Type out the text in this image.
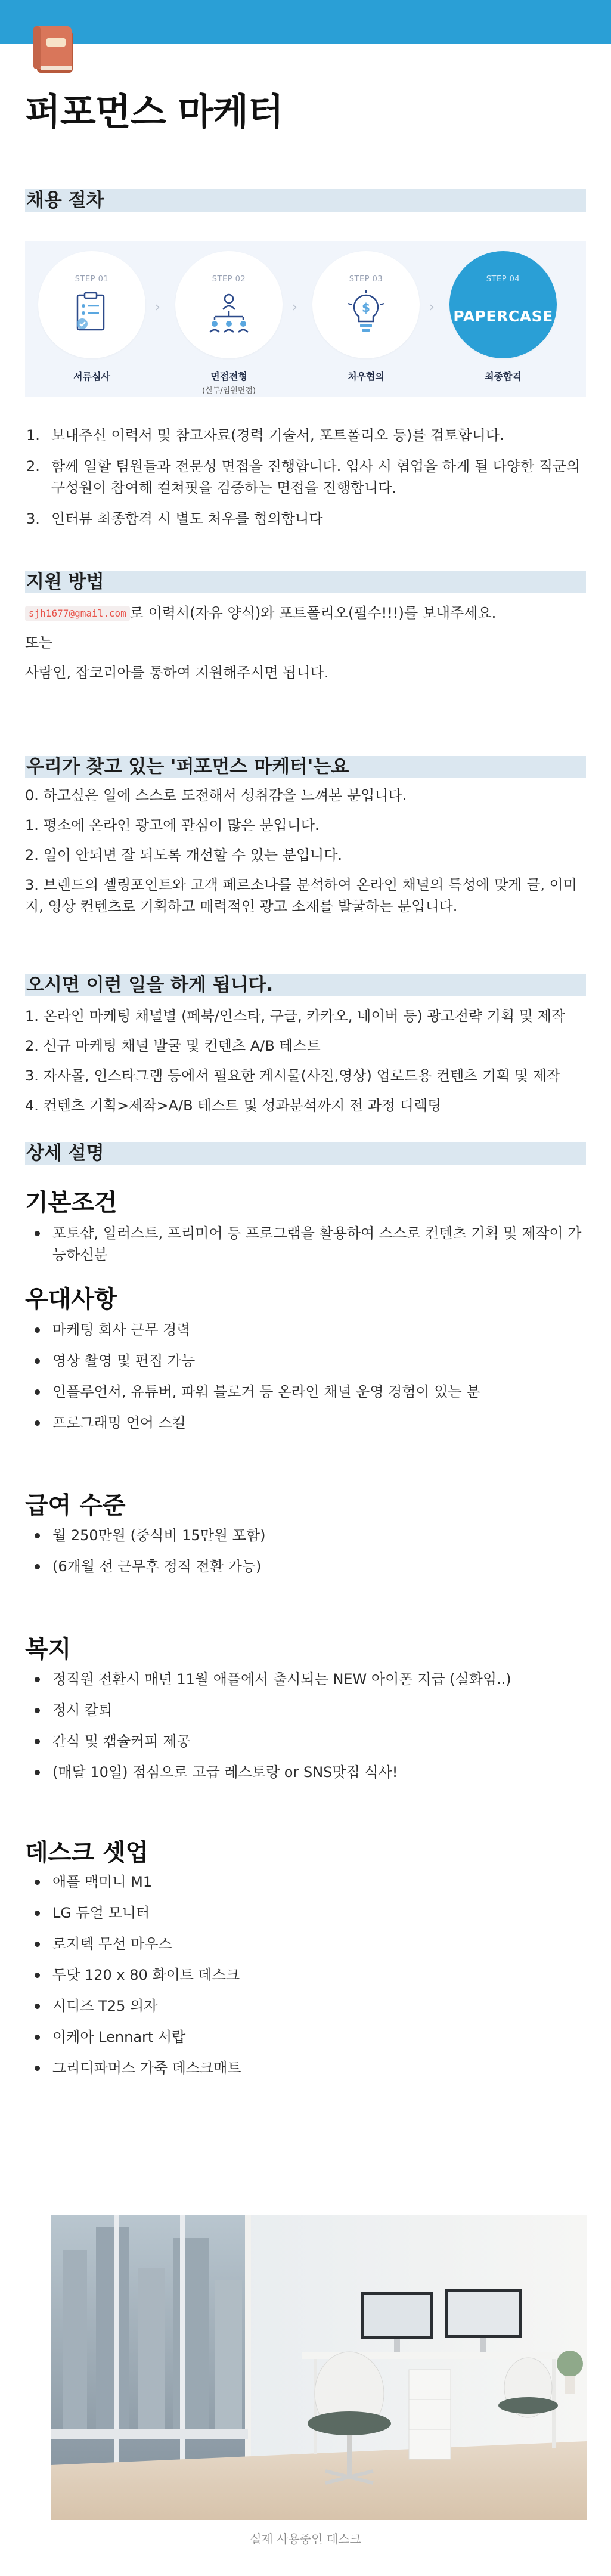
퍼포먼스 마케터
채용 절차
STEP 01
서류심사
›
STEP 02
면접전형
(실무/임원면접)
›
STEP 03
$
처우협의
›
STEP 04
PAPERCASE
최종합격
1. 보내주신 이력서 및 참고자료(경력 기술서, 포트폴리오 등)를 검토합니다.
2. 함께 일할 팀원들과 전문성 면접을 진행합니다. 입사 시 협업을 하게 될 다양한 직군의 구성원이 참여해 컬쳐핏을 검증하는 면접을 진행합니다.
3. 인터뷰 최종합격 시 별도 처우를 협의합니다
지원 방법
sjh1677@gmail.com 로 이력서(자유 양식)와 포트폴리오(필수!!!)를 보내주세요.
또는
사람인, 잡코리아를 통하여 지원해주시면 됩니다.
우리가 찾고 있는 '퍼포먼스 마케터'는요
0. 하고싶은 일에 스스로 도전해서 성취감을 느껴본 분입니다.
1. 평소에 온라인 광고에 관심이 많은 분입니다.
2. 일이 안되면 잘 되도록 개선할 수 있는 분입니다.
3. 브랜드의 셀링포인트와 고객 페르소나를 분석하여 온라인 채널의 특성에 맞게 글, 이미지, 영상 컨텐츠로 기획하고 매력적인 광고 소재를 발굴하는 분입니다.
오시면 이런 일을 하게 됩니다.
1. 온라인 마케팅 채널별 (페북/인스타, 구글, 카카오, 네이버 등) 광고전략 기획 및 제작
2. 신규 마케팅 채널 발굴 및 컨텐츠 A/B 테스트
3. 자사몰, 인스타그램 등에서 필요한 게시물(사진,영상) 업로드용 컨텐츠 기획 및 제작
4. 컨텐츠 기획>제작>A/B 테스트 및 성과분석까지 전 과정 디렉팅
상세 설명
기본조건
포토샵, 일러스트, 프리미어 등 프로그램을 활용하여 스스로 컨텐츠 기획 및 제작이 가능하신분
우대사항
마케팅 회사 근무 경력
영상 촬영 및 편집 가능
인플루언서, 유튜버, 파워 블로거 등 온라인 채널 운영 경험이 있는 분
프로그래밍 언어 스킬
급여 수준
월 250만원 (중식비 15만원 포함)
(6개월 선 근무후 정직 전환 가능)
복지
정직원 전환시 매년 11월 애플에서 출시되는 NEW 아이폰 지급 (실화임..)
정시 칼퇴
간식 및 캡슐커피 제공
(매달 10일) 점심으로 고급 레스토랑 or SNS맛집 식사!
데스크 셋업
애플 맥미니 M1
LG 듀얼 모니터
로지텍 무선 마우스
두닷 120 x 80 화이트 데스크
시디즈 T25 의자
이케아 Lennart 서랍
그리디파머스 가죽 데스크매트
실제 사용중인 데스크
